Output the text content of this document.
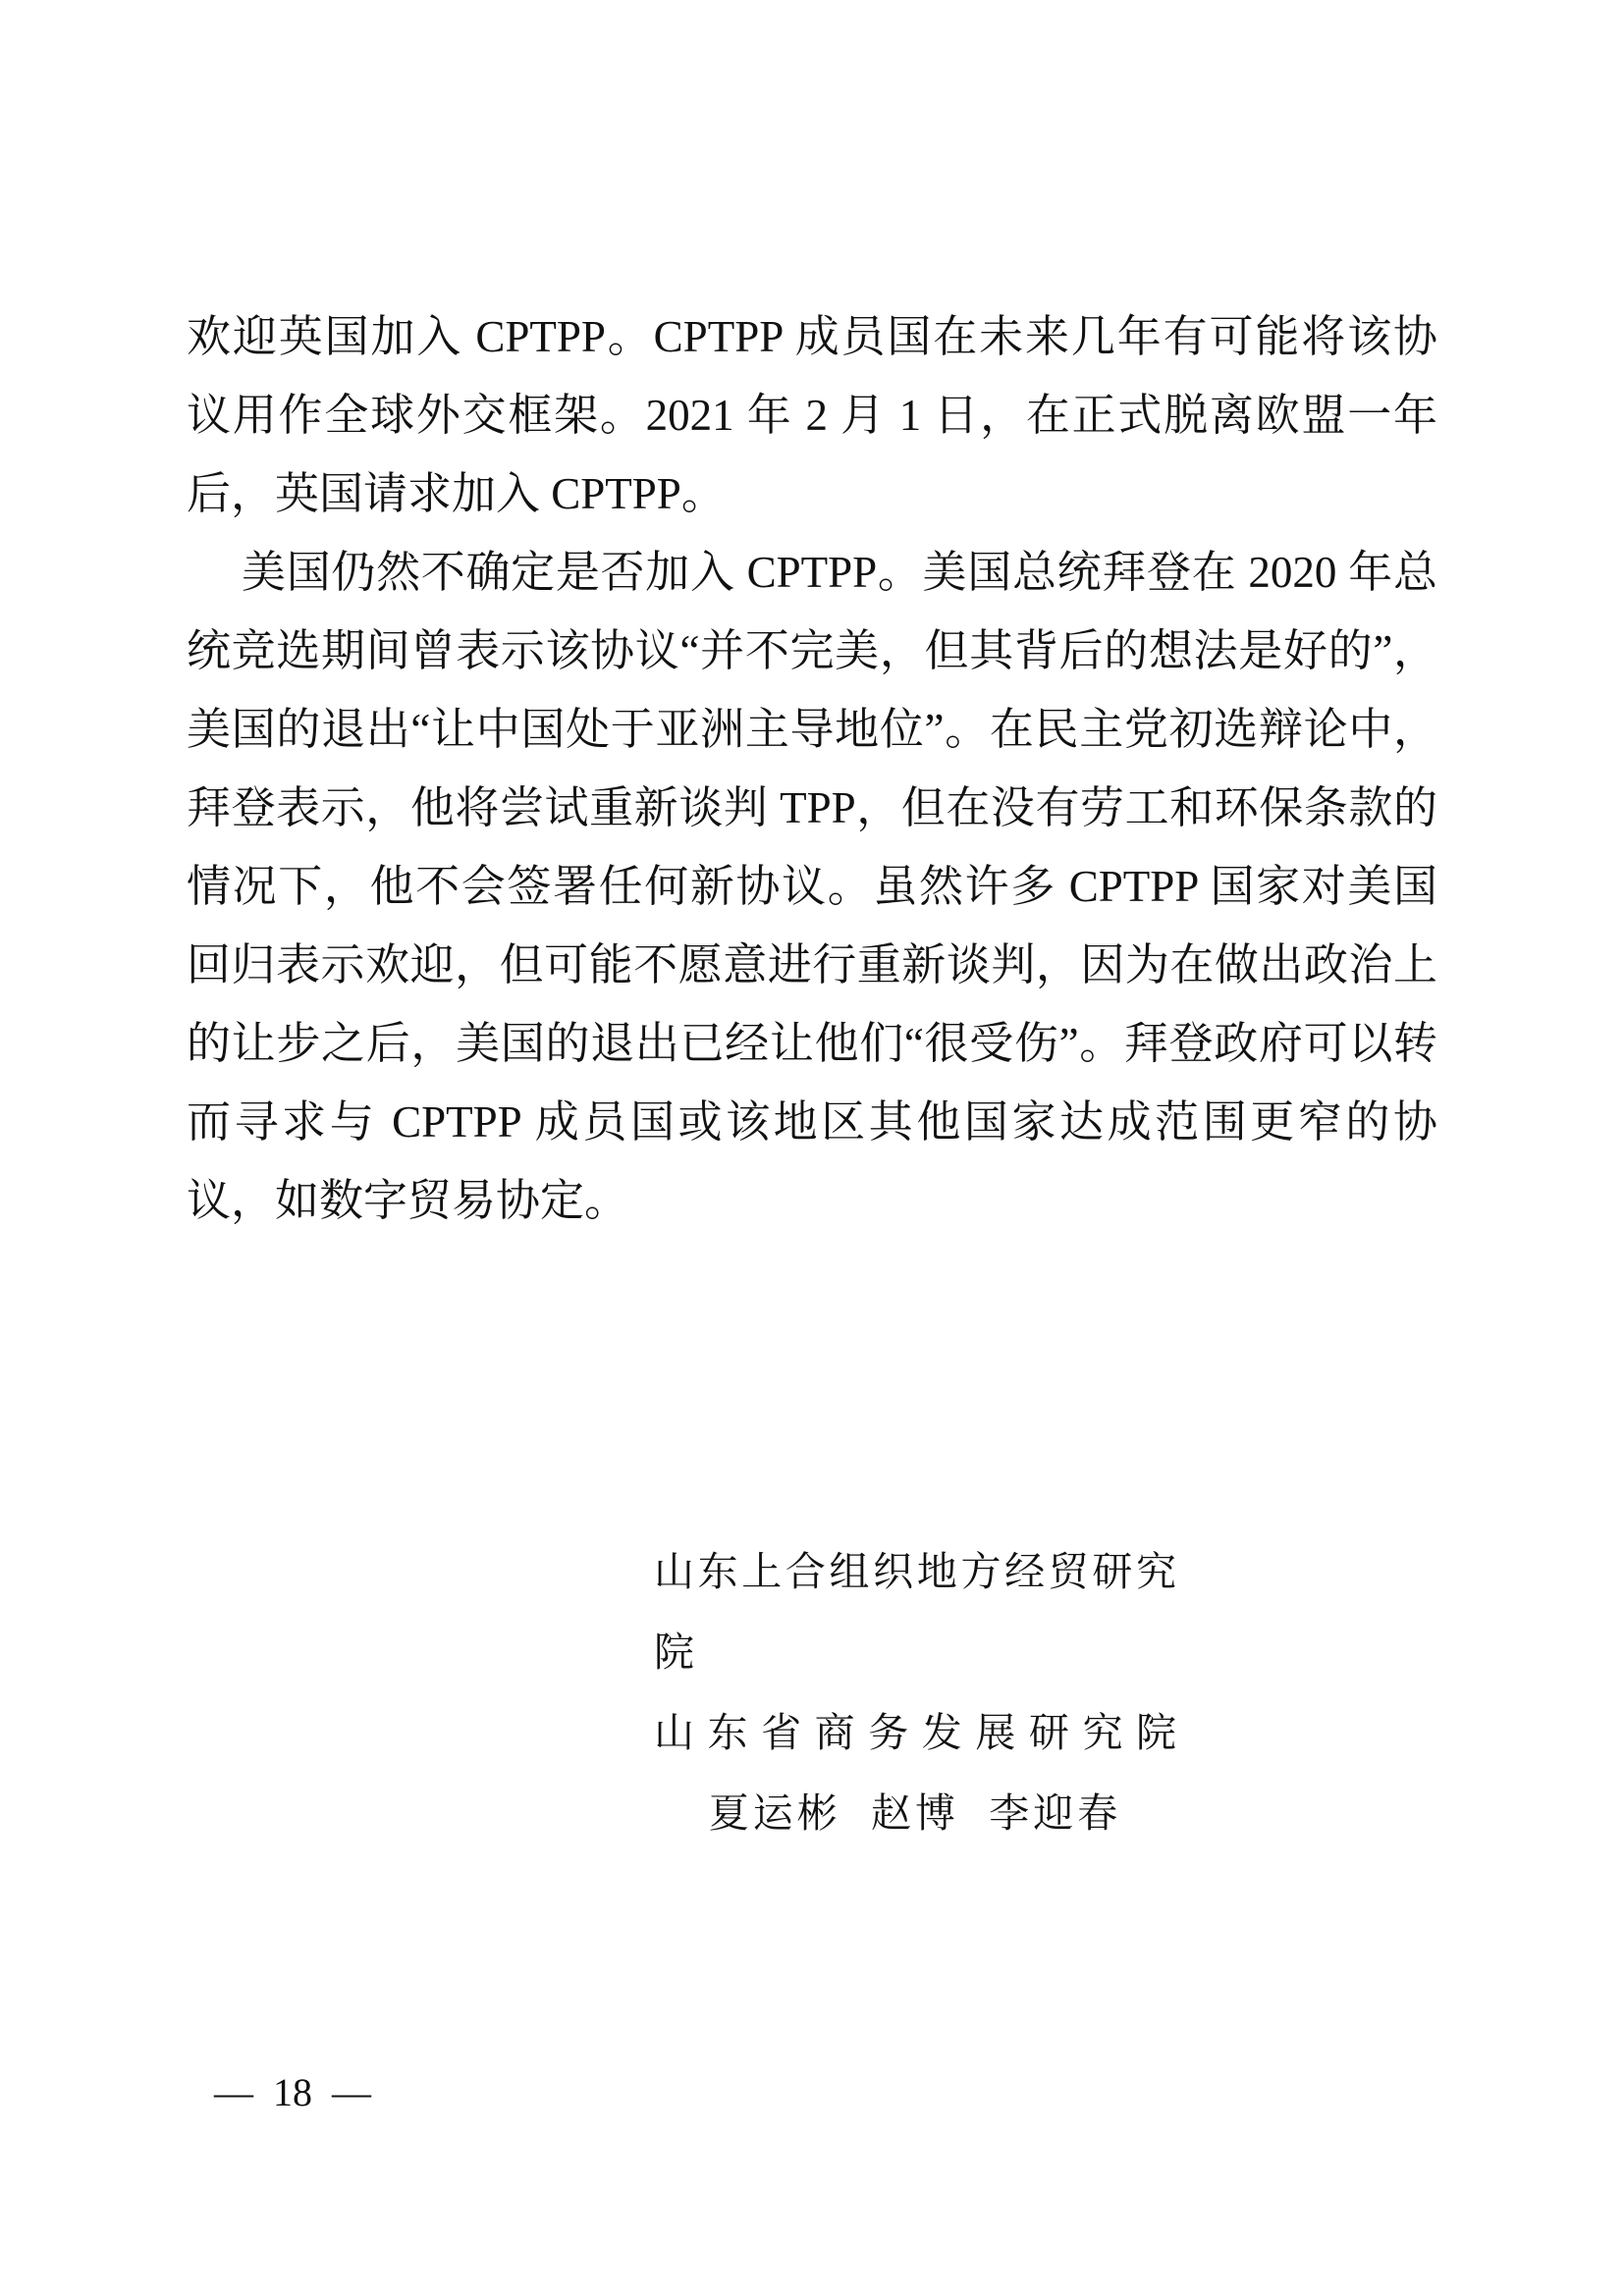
欢迎英国加入 CPTPP。CPTPP 成员国在未来几年有可能将该协议用作全球外交框架。2021 年 2 月 1 日，在正式脱离欧盟一年后，英国请求加入 CPTPP。

美国仍然不确定是否加入 CPTPP。美国总统拜登在 2020 年总统竞选期间曾表示该协议“并不完美，但其背后的想法是好的”，美国的退出“让中国处于亚洲主导地位”。在民主党初选辩论中，拜登表示，他将尝试重新谈判 TPP，但在没有劳工和环保条款的情况下，他不会签署任何新协议。虽然许多 CPTPP 国家对美国回归表示欢迎，但可能不愿意进行重新谈判，因为在做出政治上的让步之后，美国的退出已经让他们“很受伤”。拜登政府可以转而寻求与 CPTPP 成员国或该地区其他国家达成范围更窄的协议，如数字贸易协定。

山东上合组织地方经贸研究院
山 东 省 商 务 发 展 研 究 院
夏运彬 赵博 李迎春
— 18 —
